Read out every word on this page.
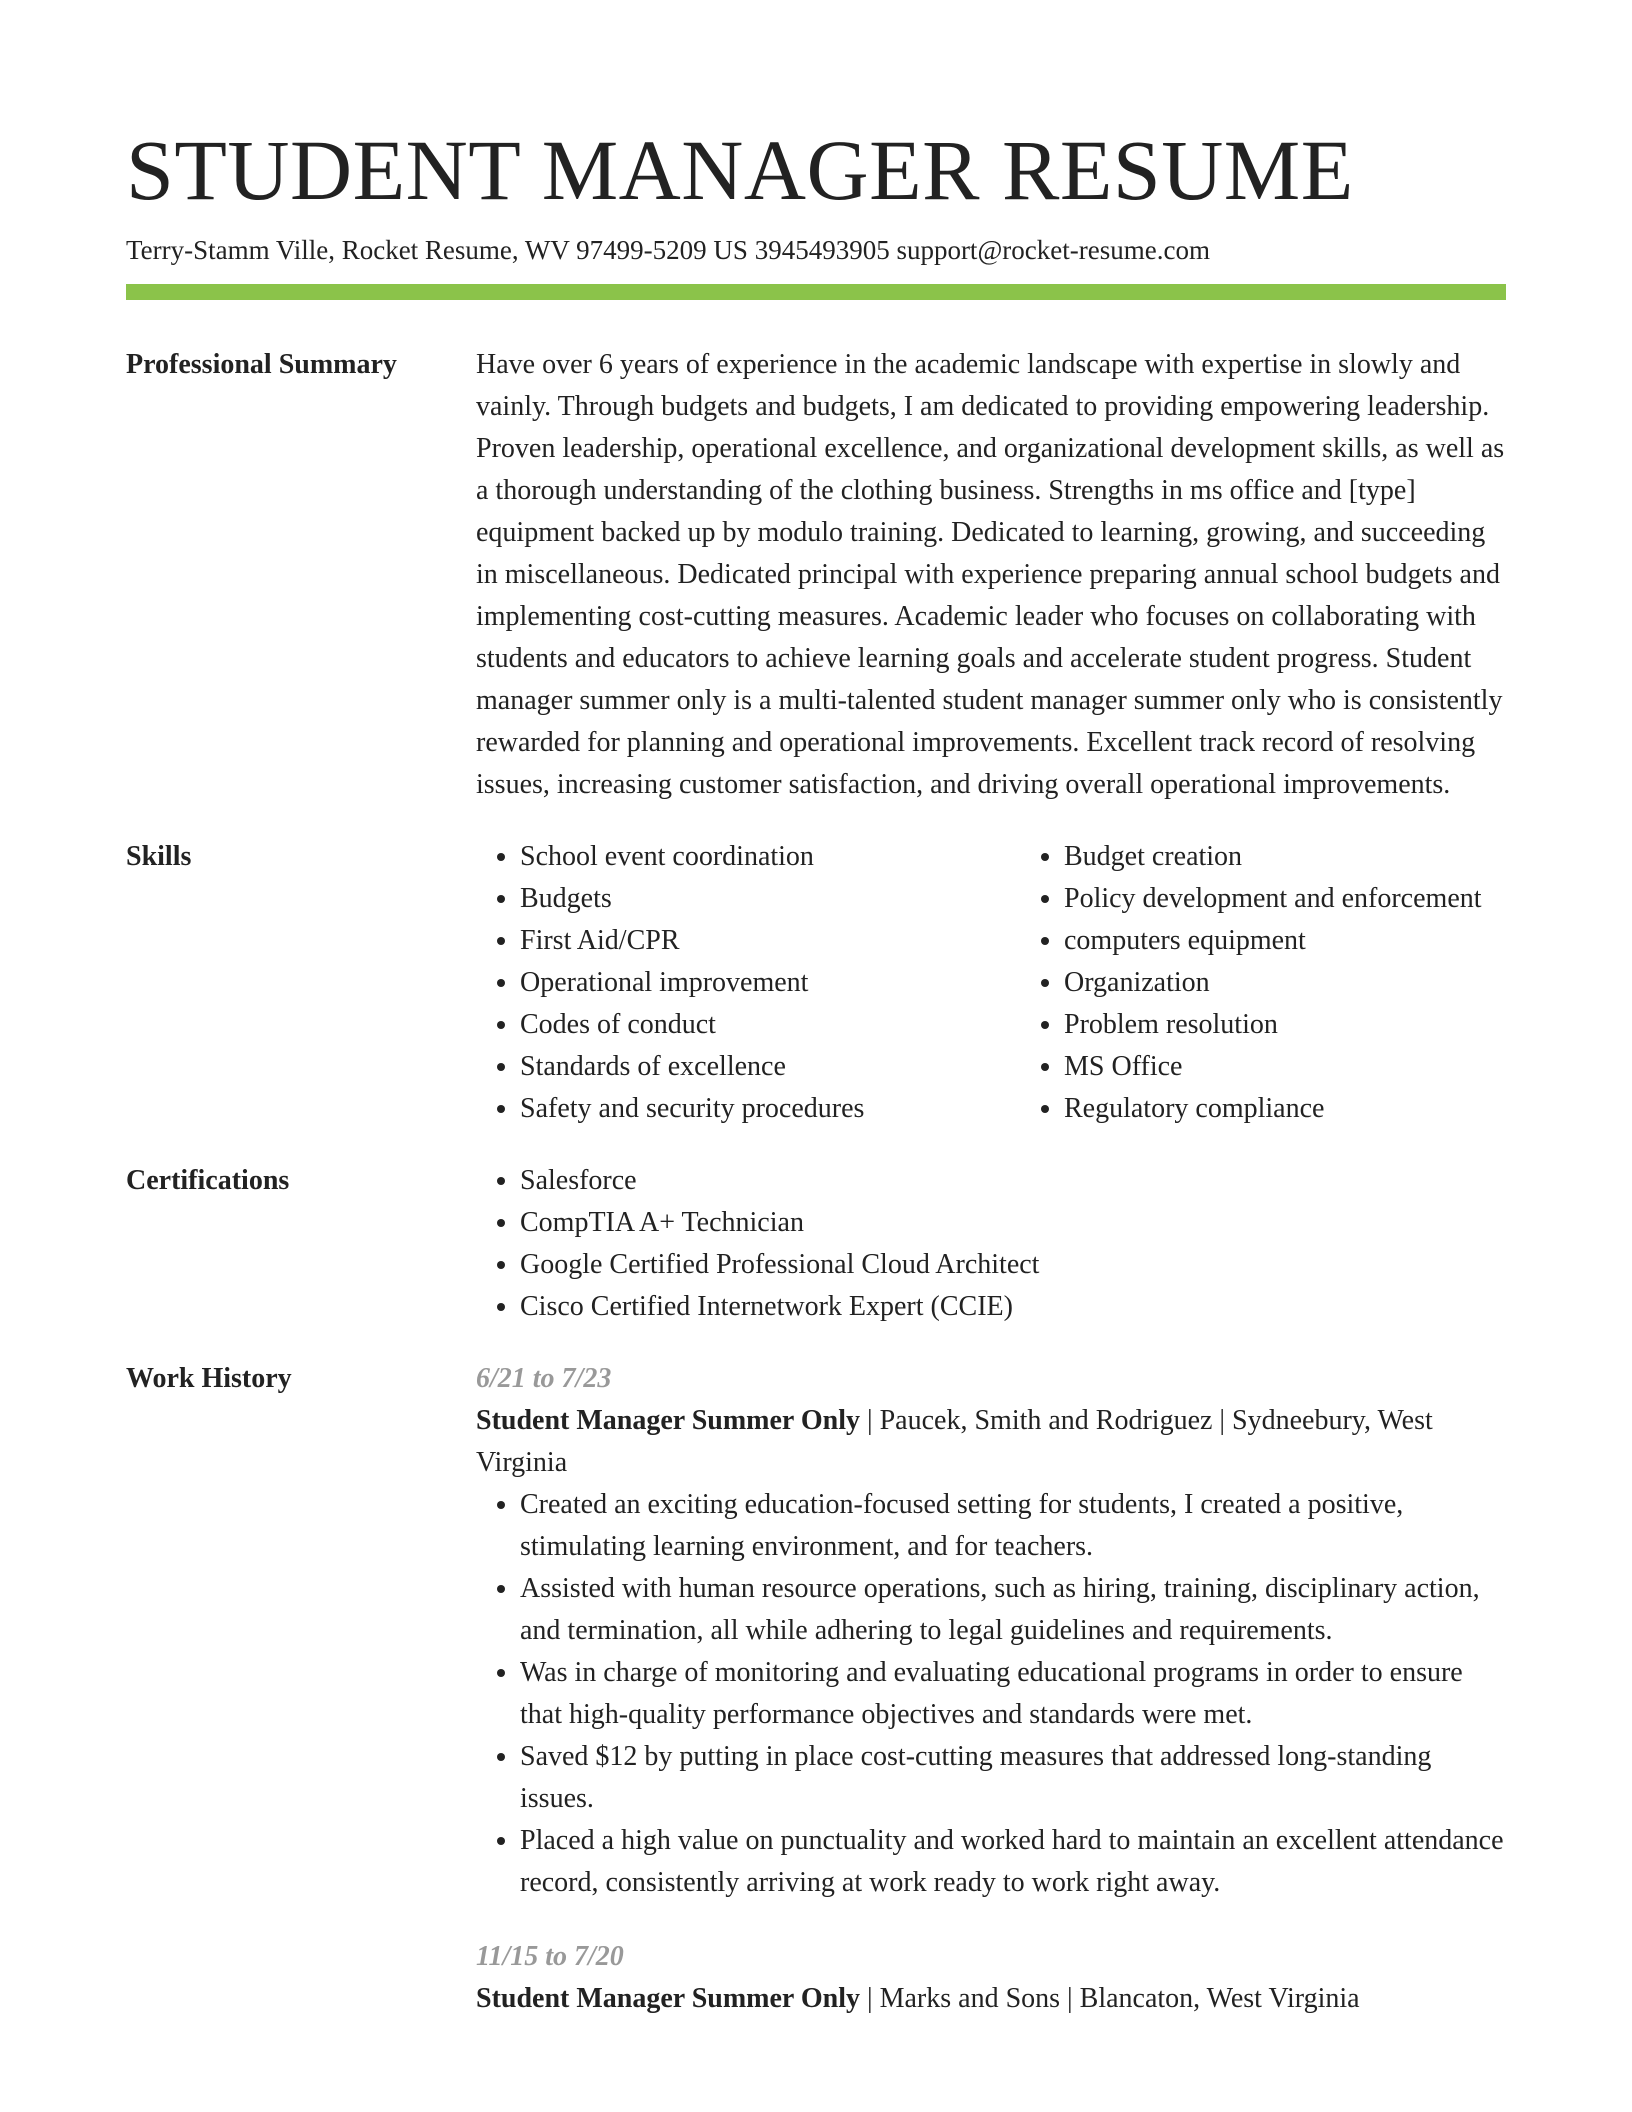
STUDENT MANAGER RESUME
Terry-Stamm Ville, Rocket Resume, WV 97499-5209 US 3945493905 support@rocket-resume.com
Professional Summary	Have over 6 years of experience in the academic landscape with expertise in slowly and vainly. Through budgets and budgets, I am dedicated to providing empowering leadership. Proven leadership, operational excellence, and organizational development skills, as well as a thorough understanding of the clothing business. Strengths in ms office and [type] equipment backed up by modulo training. Dedicated to learning, growing, and succeeding in miscellaneous. Dedicated principal with experience preparing annual school budgets and implementing cost-cutting measures. Academic leader who focuses on collaborating with students and educators to achieve learning goals and accelerate student progress. Student manager summer only is a multi-talented student manager summer only who is consistently rewarded for planning and operational improvements. Excellent track record of resolving issues, increasing customer satisfaction, and driving overall operational improvements.

Skills	• School event coordination
• Budgets
• First Aid/CPR
• Operational improvement
• Codes of conduct
• Standards of excellence
• Safety and security procedures
• Budget creation
• Policy development and enforcement
• computers equipment
• Organization
• Problem resolution
• MS Office
• Regulatory compliance
Certifications	• Salesforce
• CompTIA A+ Technician
• Google Certified Professional Cloud Architect
• Cisco Certified Internetwork Expert (CCIE)
Work History	6/21 to 7/23
Student Manager Summer Only | Paucek, Smith and Rodriguez | Sydneebury, West Virginia
• Created an exciting education-focused setting for students, I created a positive, stimulating learning environment, and for teachers.
• Assisted with human resource operations, such as hiring, training, disciplinary action, and termination, all while adhering to legal guidelines and requirements.
• Was in charge of monitoring and evaluating educational programs in order to ensure that high-quality performance objectives and standards were met.
• Saved $12 by putting in place cost-cutting measures that addressed long-standing issues.
• Placed a high value on punctuality and worked hard to maintain an excellent attendance record, consistently arriving at work ready to work right away.
11/15 to 7/20
Student Manager Summer Only | Marks and Sons | Blancaton, West Virginia
